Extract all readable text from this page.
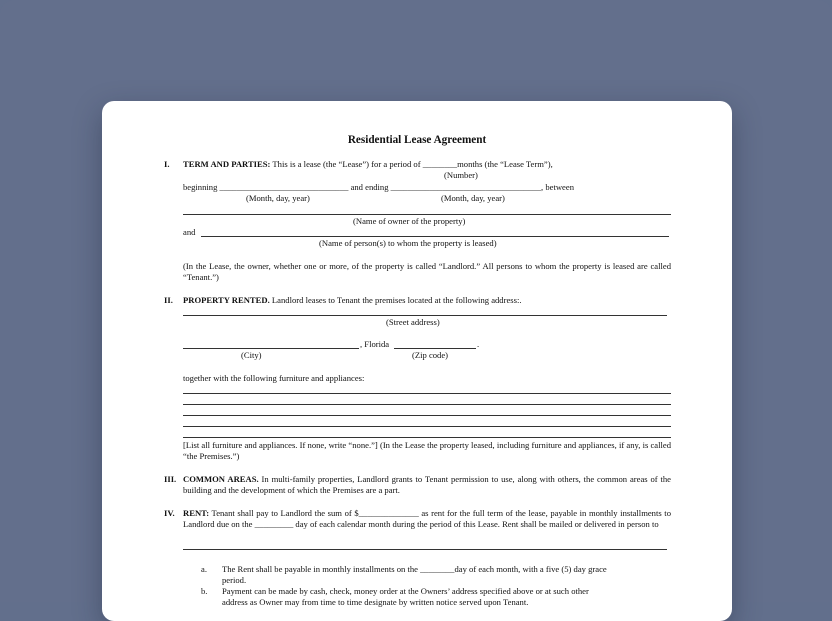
Residential Lease Agreement
I. TERM AND PARTIES: This is a lease (the “Lease”) for a period of ________months (the “Lease Term”),
(Number)
beginning ______________________________ and ending ___________________________________, between
(Month, day, year)	(Month, day, year)
(Name of owner of the property)
and
(Name of person(s) to whom the property is leased)
(In the Lease, the owner, whether one or more, of the property is called “Landlord.” All persons to whom the property is leased are called “Tenant.”)
II. PROPERTY RENTED. Landlord leases to Tenant the premises located at the following address:.
(Street address)
, Florida	.
(City)	(Zip code)
together with the following furniture and appliances:
[List all furniture and appliances. If none, write “none.”] (In the Lease the property leased, including furniture and appliances, if any, is called “the Premises.”)
III. COMMON AREAS. In multi-family properties, Landlord grants to Tenant permission to use, along with others, the common areas of the building and the development of which the Premises are a part.
IV. RENT: Tenant shall pay to Landlord the sum of $______________ as rent for the full term of the lease, payable in monthly installments to Landlord due on the _________ day of each calendar month during the period of this Lease. Rent shall be mailed or delivered in person to
a. The Rent shall be payable in monthly installments on the ________day of each month, with a five (5) day grace
period.
b. Payment can be made by cash, check, money order at the Owners’ address specified above or at such other
address as Owner may from time to time designate by written notice served upon Tenant.
